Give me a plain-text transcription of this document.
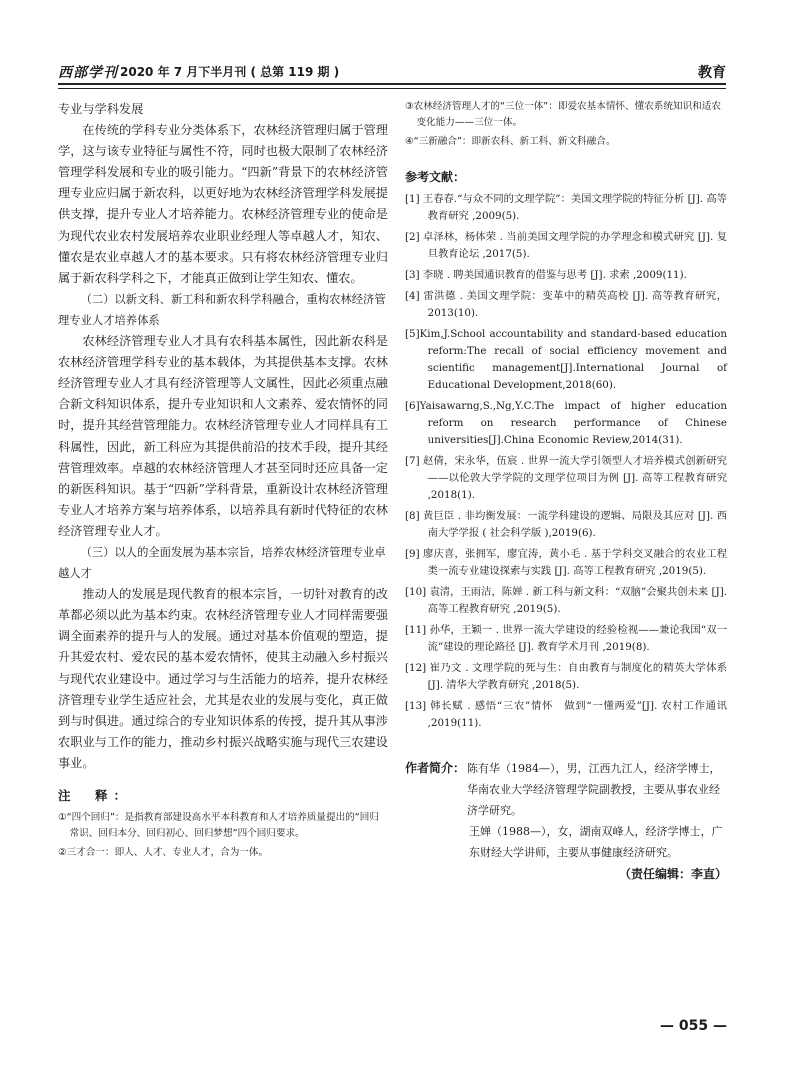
西部学刊 2020 年 7 月下半月刊 ( 总第 119 期 )	教育

专业与学科发展

在传统的学科专业分类体系下，农林经济管理归属于管理学，这与该专业特征与属性不符，同时也极大限制了农林经济管理学科发展和专业的吸引能力。“四新”背景下的农林经济管理专业应归属于新农科，以更好地为农林经济管理学科发展提供支撑，提升专业人才培养能力。农林经济管理专业的使命是为现代农业农村发展培养农业职业经理人等卓越人才，知农、懂农是农业卓越人才的基本要求。只有将农林经济管理专业归属于新农科学科之下，才能真正做到让学生知农、懂农。

（二）以新文科、新工科和新农科学科融合，重构农林经济管理专业人才培养体系

农林经济管理专业人才具有农科基本属性，因此新农科是农林经济管理学科专业的基本载体，为其提供基本支撑。农林经济管理专业人才具有经济管理等人文属性，因此必须重点融合新文科知识体系，提升专业知识和人文素养、爱农情怀的同时，提升其经营管理能力。农林经济管理专业人才同样具有工科属性，因此，新工科应为其提供前沿的技术手段，提升其经营管理效率。卓越的农林经济管理人才甚至同时还应具备一定的新医科知识。基于“四新”学科背景，重新设计农林经济管理专业人才培养方案与培养体系，以培养具有新时代特征的农林经济管理专业人才。

（三）以人的全面发展为基本宗旨，培养农林经济管理专业卓越人才

推动人的发展是现代教育的根本宗旨，一切针对教育的改革都必须以此为基本约束。农林经济管理专业人才同样需要强调全面素养的提升与人的发展。通过对基本价值观的塑造，提升其爱农村、爱农民的基本爱农情怀，使其主动融入乡村振兴与现代农业建设中。通过学习与生活能力的培养，提升农林经济管理专业学生适应社会，尤其是农业的发展与变化，真正做到与时俱进。通过综合的专业知识体系的传授，提升其从事涉农职业与工作的能力，推动乡村振兴战略实施与现代三农建设事业。

注　释：

①“四个回归”：是指教育部建设高水平本科教育和人才培养质量提出的“回归常识、回归本分、回归初心、回归梦想”四个回归要求。

②三才合一：即人、人才、专业人才，合为一体。

③农林经济管理人才的“三位一体”：即爱农基本情怀、懂农系统知识和适农变化能力——三位一体。

④“三新融合”：即新农科、新工科、新文科融合。

参考文献：

[1] 王春春.“与众不同的文理学院”：美国文理学院的特征分析 [J]. 高等教育研究 ,2009(5).

[2] 卓泽林，杨体荣 . 当前美国文理学院的办学理念和模式研究 [J]. 复旦教育论坛 ,2017(5).

[3] 李晓 . 聘美国通识教育的借鉴与思考 [J]. 求索 ,2009(11).

[4] 雷洪德 . 美国文理学院：变革中的精英高校 [J]. 高等教育研究，2013(10).

[5]Kim,J.School accountability and standard-based education reform:The recall of social efficiency movement and scientific management[J].International Journal of Educational Development,2018(60).

[6]Yaisawarng,S.,Ng,Y.C.The impact of higher education reform on research performance of Chinese universities[J].China Economic Review,2014(31).

[7] 赵倩，宋永华，伍宸 . 世界一流大学引领型人才培养模式创新研究——以伦敦大学学院的文理学位项目为例 [J]. 高等工程教育研究 ,2018(1).

[8] 黄巨臣 . 非均衡发展：一流学科建设的逻辑、局限及其应对 [J]. 西南大学学报 ( 社会科学版 ),2019(6).

[9] 廖庆喜，张拥军，廖宜涛，黄小毛 . 基于学科交叉融合的农业工程类一流专业建设探索与实践 [J]. 高等工程教育研究 ,2019(5).

[10] 袁清，王雨洁，陈婵 . 新工科与新文科：“双脑”会聚共创未来 [J]. 高等工程教育研究 ,2019(5).

[11] 孙华，王颖一 . 世界一流大学建设的经验检视——兼论我国“双一流”建设的理论路径 [J]. 教育学术月刊 ,2019(8).

[12] 崔乃文 . 文理学院的死与生：自由教育与制度化的精英大学体系 [J]. 清华大学教育研究 ,2018(5).

[13] 韩长赋 . 感悟“三农”情怀　做到“一懂两爱”[J]. 农村工作通讯 ,2019(11).

作者简介： 陈有华（1984—），男，江西九江人，经济学博士，华南农业大学经济管理学院副教授，主要从事农业经济学研究。
王婵（1988—），女，湖南双峰人，经济学博士，广东财经大学讲师，主要从事健康经济研究。
（责任编辑：李直）
— 055 —
